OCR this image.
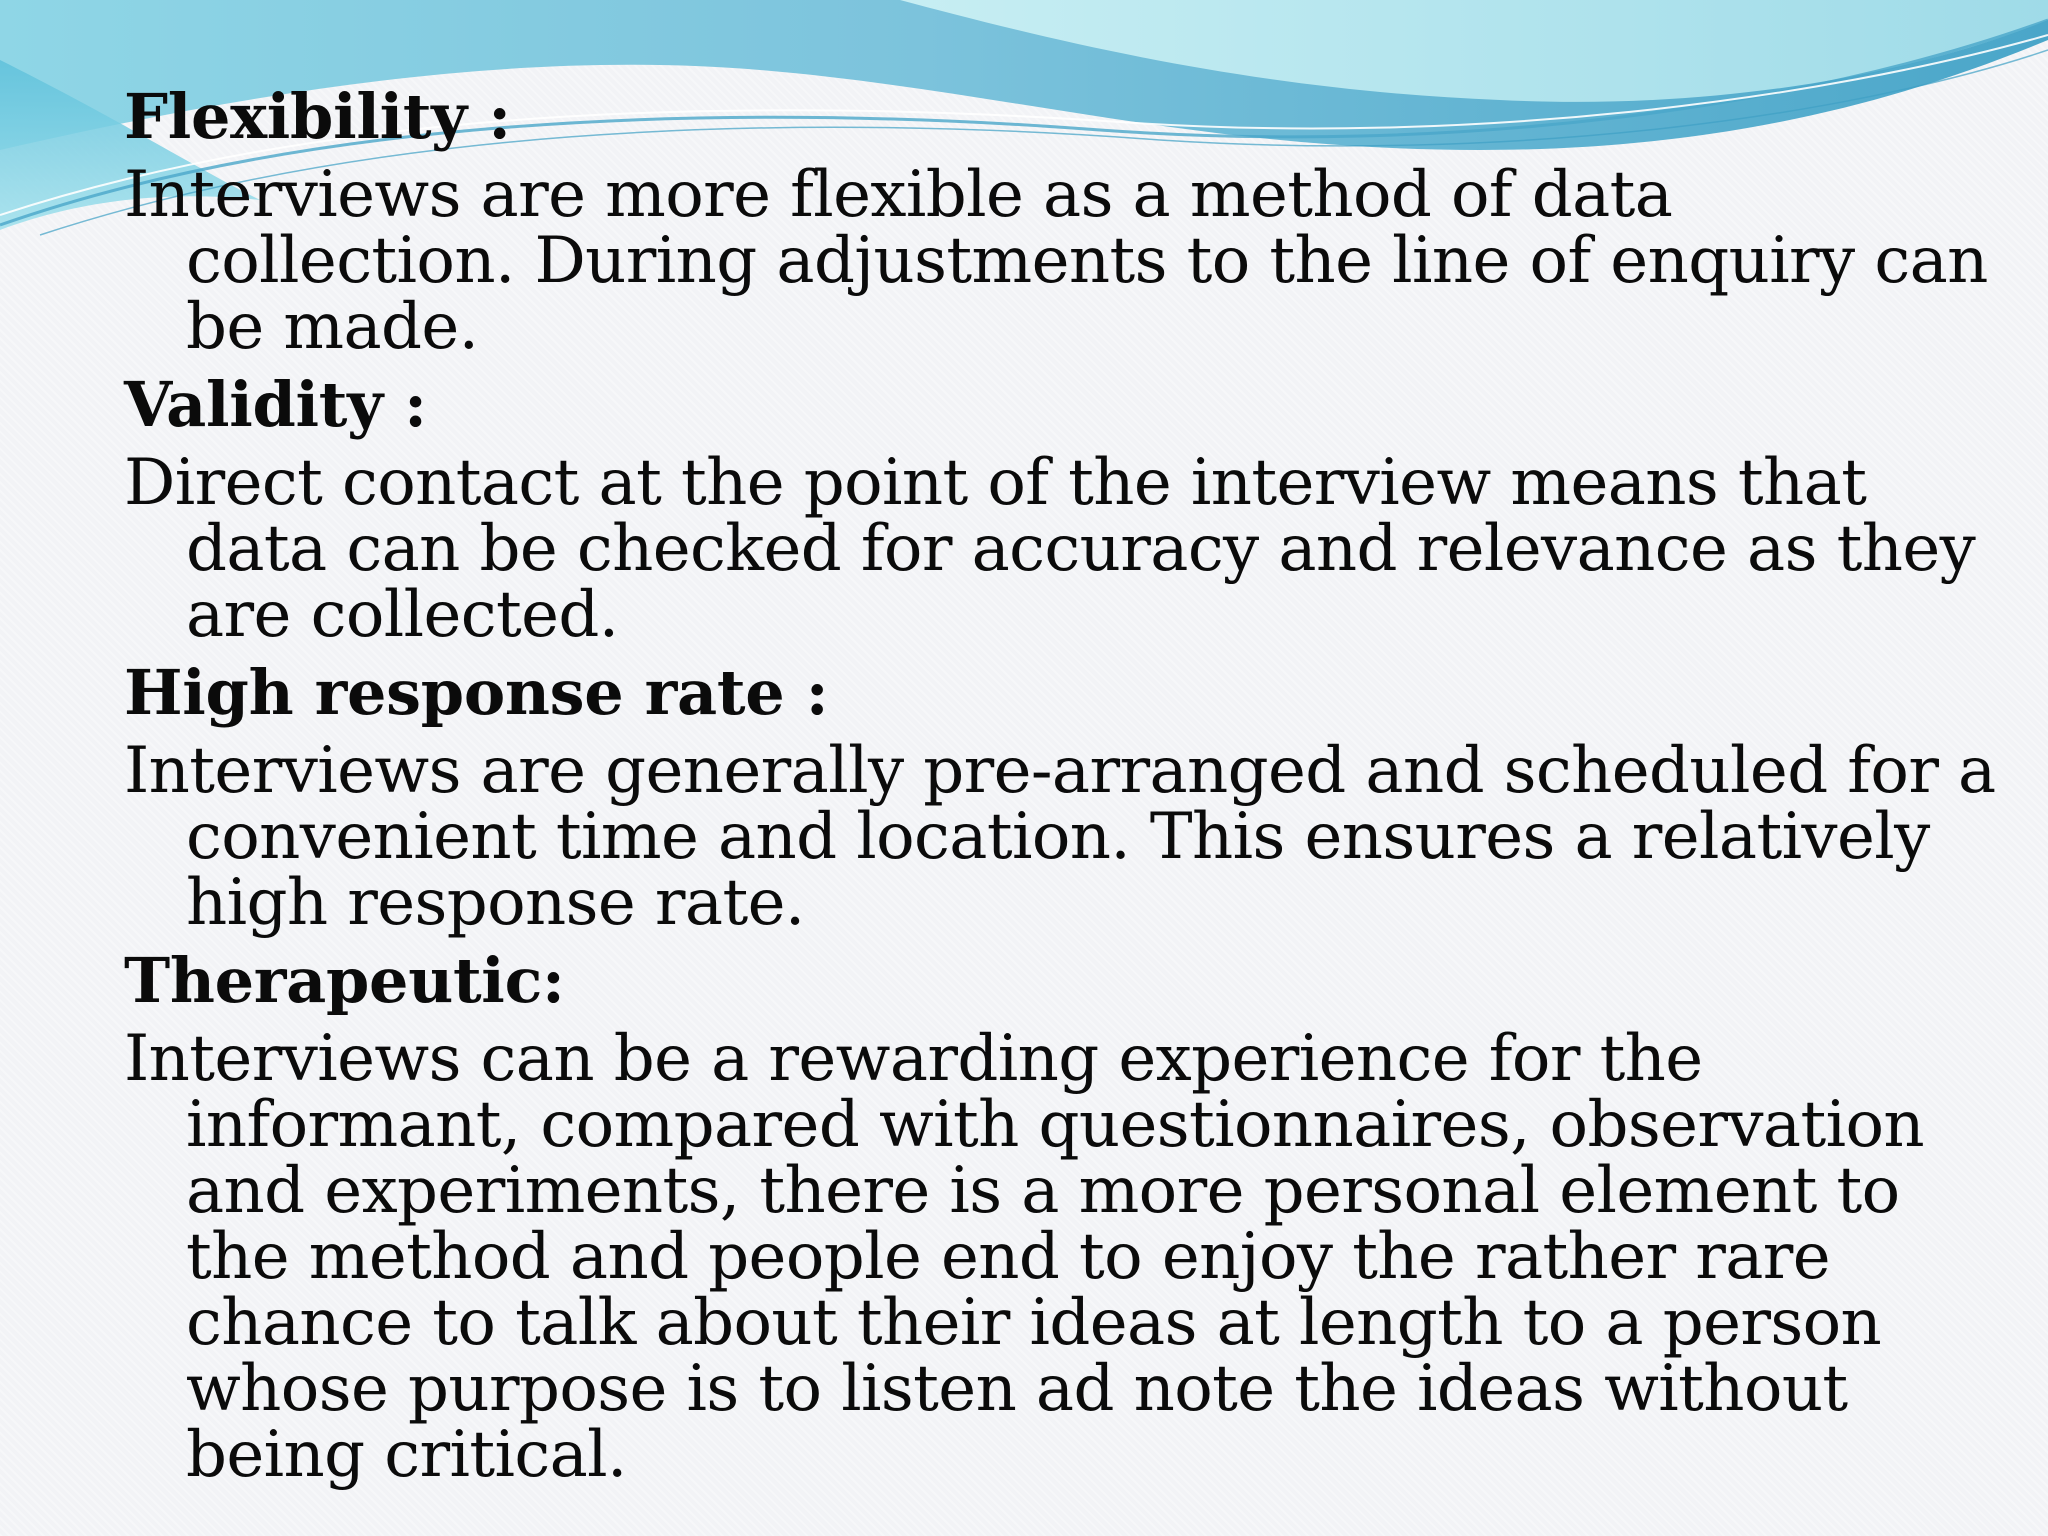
Flexibility :
Interviews are more flexible as a method of data collection. During adjustments to the line of enquiry can be made.
Validity :
Direct contact at the point of the interview means that data can be checked for accuracy and relevance as they are collected.
High response rate :
Interviews are generally pre-arranged and scheduled for a convenient time and location. This ensures a relatively high response rate.
Therapeutic:
Interviews can be a rewarding experience for the informant, compared with questionnaires, observation and experiments, there is a more personal element to the method and people end to enjoy the rather rare chance to talk about their ideas at length to a person whose purpose is to listen ad note the ideas without being critical.
